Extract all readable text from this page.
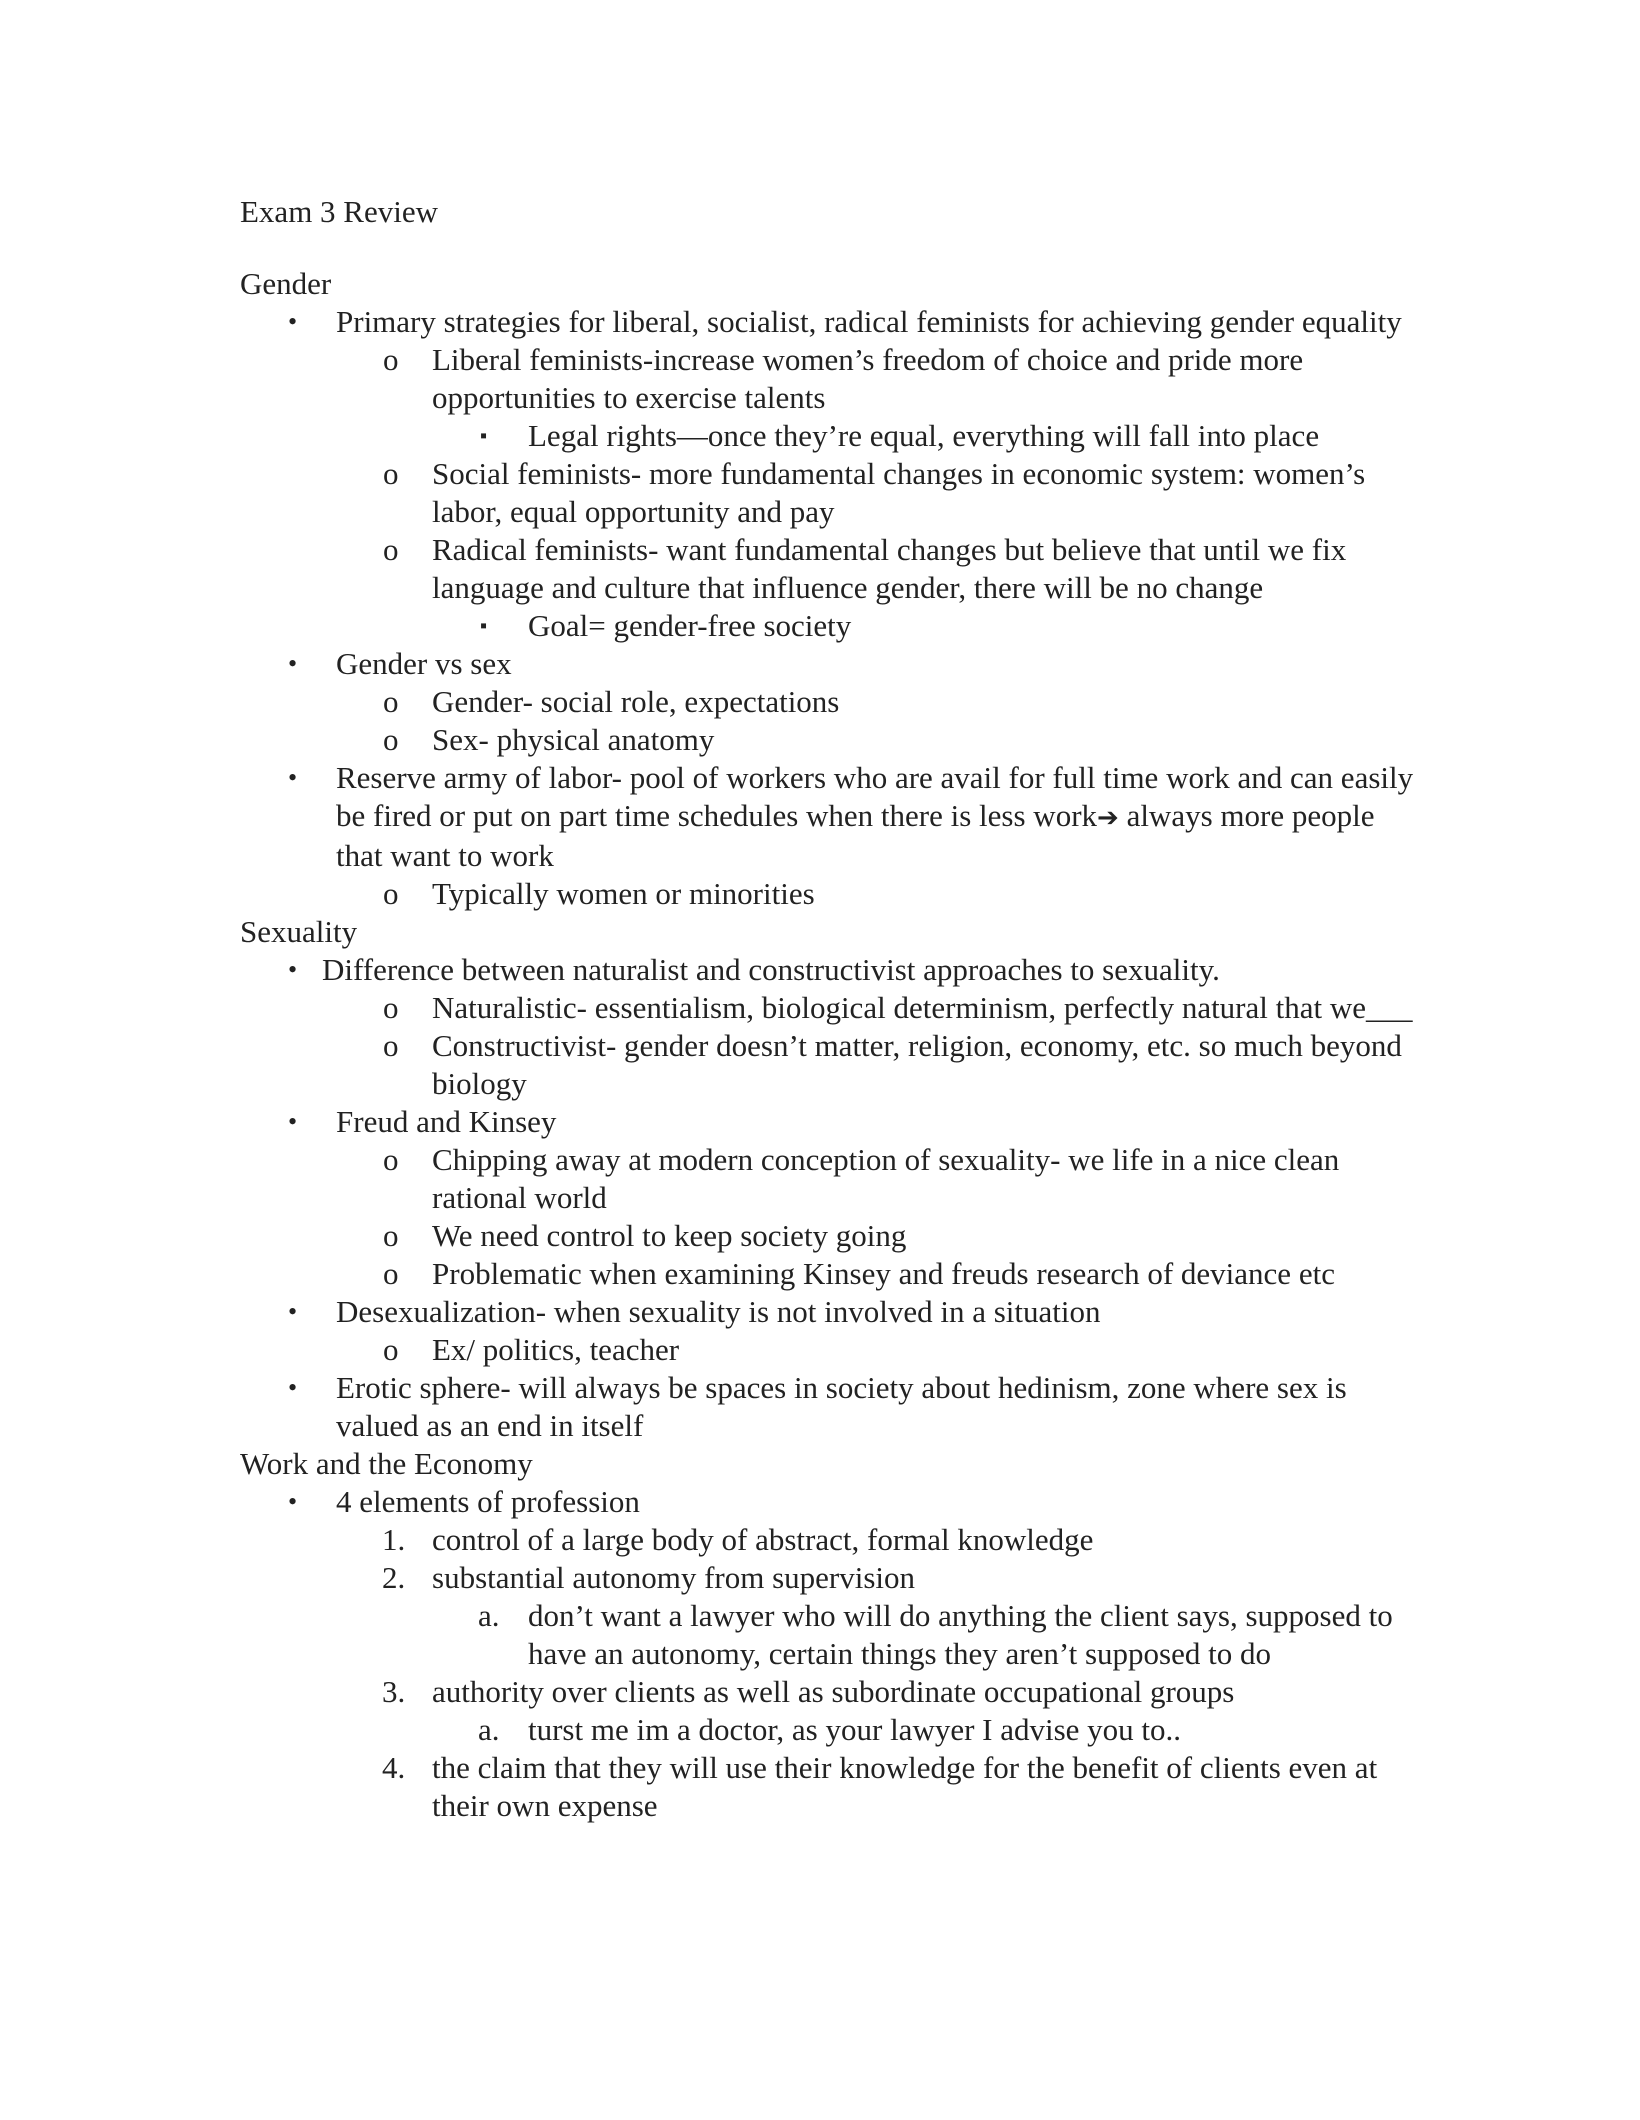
Exam 3 Review
Gender
• Primary strategies for liberal, socialist, radical feminists for achieving gender equality
o Liberal feminists-increase women’s freedom of choice and pride more opportunities to exercise talents
▪ Legal rights—once they’re equal, everything will fall into place
o Social feminists- more fundamental changes in economic system: women’s labor, equal opportunity and pay
o Radical feminists- want fundamental changes but believe that until we fix language and culture that influence gender, there will be no change
▪ Goal= gender-free society
• Gender vs sex
o Gender- social role, expectations
o Sex- physical anatomy
• Reserve army of labor- pool of workers who are avail for full time work and can easily be fired or put on part time schedules when there is less work➔ always more people that want to work
o Typically women or minorities
Sexuality
• Difference between naturalist and constructivist approaches to sexuality.
o Naturalistic- essentialism, biological determinism, perfectly natural that we___
o Constructivist- gender doesn’t matter, religion, economy, etc. so much beyond biology
• Freud and Kinsey
o Chipping away at modern conception of sexuality- we life in a nice clean rational world
o We need control to keep society going
o Problematic when examining Kinsey and freuds research of deviance etc
• Desexualization- when sexuality is not involved in a situation
o Ex/ politics, teacher
• Erotic sphere- will always be spaces in society about hedinism, zone where sex is valued as an end in itself
Work and the Economy
• 4 elements of profession
1. control of a large body of abstract, formal knowledge
2. substantial autonomy from supervision
a. don’t want a lawyer who will do anything the client says, supposed to have an autonomy, certain things they aren’t supposed to do
3. authority over clients as well as subordinate occupational groups
a. turst me im a doctor, as your lawyer I advise you to..
4. the claim that they will use their knowledge for the benefit of clients even at their own expense
